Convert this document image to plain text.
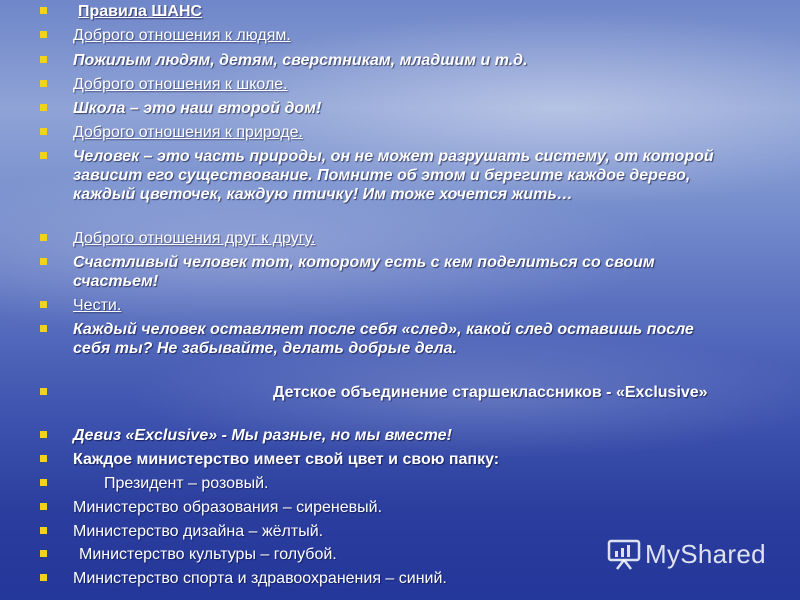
Правила ШАНС
Доброго отношения к людям.
Пожилым людям, детям, сверстникам, младшим и т.д.
Доброго отношения к школе.
Школа – это наш второй дом!
Доброго отношения к природе.
Человек – это часть природы, он не может разрушать систему, от которой зависит его существование. Помните об этом и берегите каждое дерево, каждый цветочек, каждую птичку! Им тоже хочется жить…
Доброго отношения друг к другу.
Счастливый человек тот, которому есть с кем поделиться со своим счастьем!
Чести.
Каждый человек оставляет после себя «след», какой след оставишь после себя ты? Не забывайте, делать добрые дела.
Детское объединение старшеклассников - «Exclusive»
Девиз «Exclusive» - Мы разные, но мы вместе!
Каждое министерство имеет свой цвет и свою папку:
Президент – розовый.
Министерство образования – сиреневый.
Министерство дизайна – жёлтый.
Министерство культуры – голубой.
Министерство спорта и здравоохранения – синий.
MyShared
